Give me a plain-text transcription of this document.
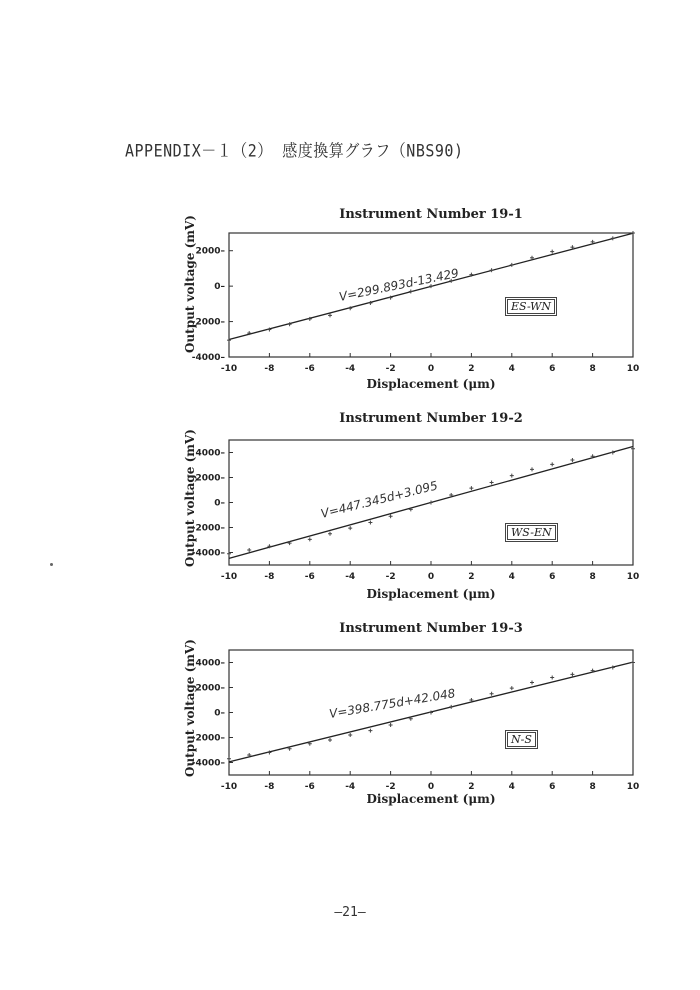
APPENDIX－１（2） 感度換算グラフ（NBS90)
Instrument Number 19-1
-10	-8	-6	-4	-2	0	2	4	6	8	10
-4000–
-2000–
0–
2000–
V=299.893d-13.429
Output voltage (mV)
Displacement (μm)
ES-WN
Instrument Number 19-2
-10	-8	-6	-4	-2	0	2	4	6	8	10
-4000–
-2000–
0–
2000–
4000–
V=447.345d+3.095
Output voltage (mV)
Displacement (μm)
WS-EN
Instrument Number 19-3
-10	-8	-6	-4	-2	0	2	4	6	8	10
-4000–
-2000–
0–
2000–
4000–
V=398.775d+42.048
Output voltage (mV)
Displacement (μm)
N-S
—21—
